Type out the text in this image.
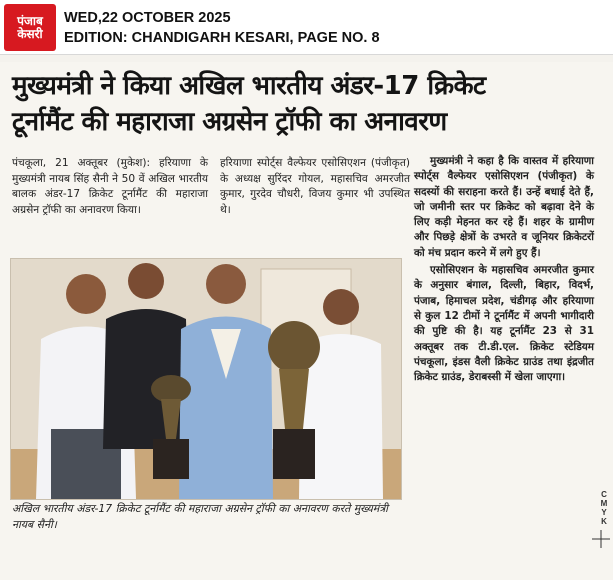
पंजाब
केसरी
WED,22 OCTOBER 2025
EDITION: CHANDIGARH KESARI, PAGE NO. 8
मुख्यमंत्री ने किया अखिल भारतीय अंडर-17 क्रिकेट
टूर्नामैंट की महाराजा अग्रसेन ट्रॉफी का अनावरण
पंचकूला, 21 अक्तूबर (मुकेश): हरियाणा के मुख्यमंत्री नायब सिंह सैनी ने 50 वें अखिल भारतीय बालक अंडर-17 क्रिकेट टूर्नामैंट की महाराजा अग्रसेन ट्रॉफी का अनावरण किया।
हरियाणा स्पोर्ट्स वैल्फेयर एसोसिएशन (पंजीकृत) के अध्यक्ष सुरिंदर गोयल, महासचिव अमरजीत कुमार, गुरदेव चौधरी, विजय कुमार भी उपस्थित थे।

मुख्यमंत्री ने कहा है कि वास्तव में हरियाणा स्पोर्ट्स वैल्फेयर एसोसिएशन (पंजीकृत) के सदस्यों की सराहना करते हैं। उन्हें बधाई देते हैं, जो जमीनी स्तर पर क्रिकेट को बढ़ावा देने के लिए कड़ी मेहनत कर रहे हैं। शहर के ग्रामीण और पिछड़े क्षेत्रों के उभरते व जूनियर क्रिकेटरों को मंच प्रदान करने में लगे हुए हैं।

एसोसिएशन के महासचिव अमरजीत कुमार के अनुसार बंगाल, दिल्ली, बिहार, विदर्भ, पंजाब, हिमाचल प्रदेश, चंडीगढ़ और हरियाणा से कुल 12 टीमों ने टूर्नामैंट में अपनी भागीदारी की पुष्टि की है। यह टूर्नामैंट 23 से 31 अक्तूबर तक टी.डी.एल. क्रिकेट स्टेडियम पंचकूला, इंडस वैली क्रिकेट ग्राउंड तथा इंद्रजीत क्रिकेट ग्राउंड, डेराबस्सी में खेला जाएगा।

अखिल भारतीय अंडर-17 क्रिकेट टूर्नामैंट की महाराजा अग्रसेन ट्रॉफी का अनावरण करते मुख्यमंत्री नायब सैनी।
C
M
Y
K
